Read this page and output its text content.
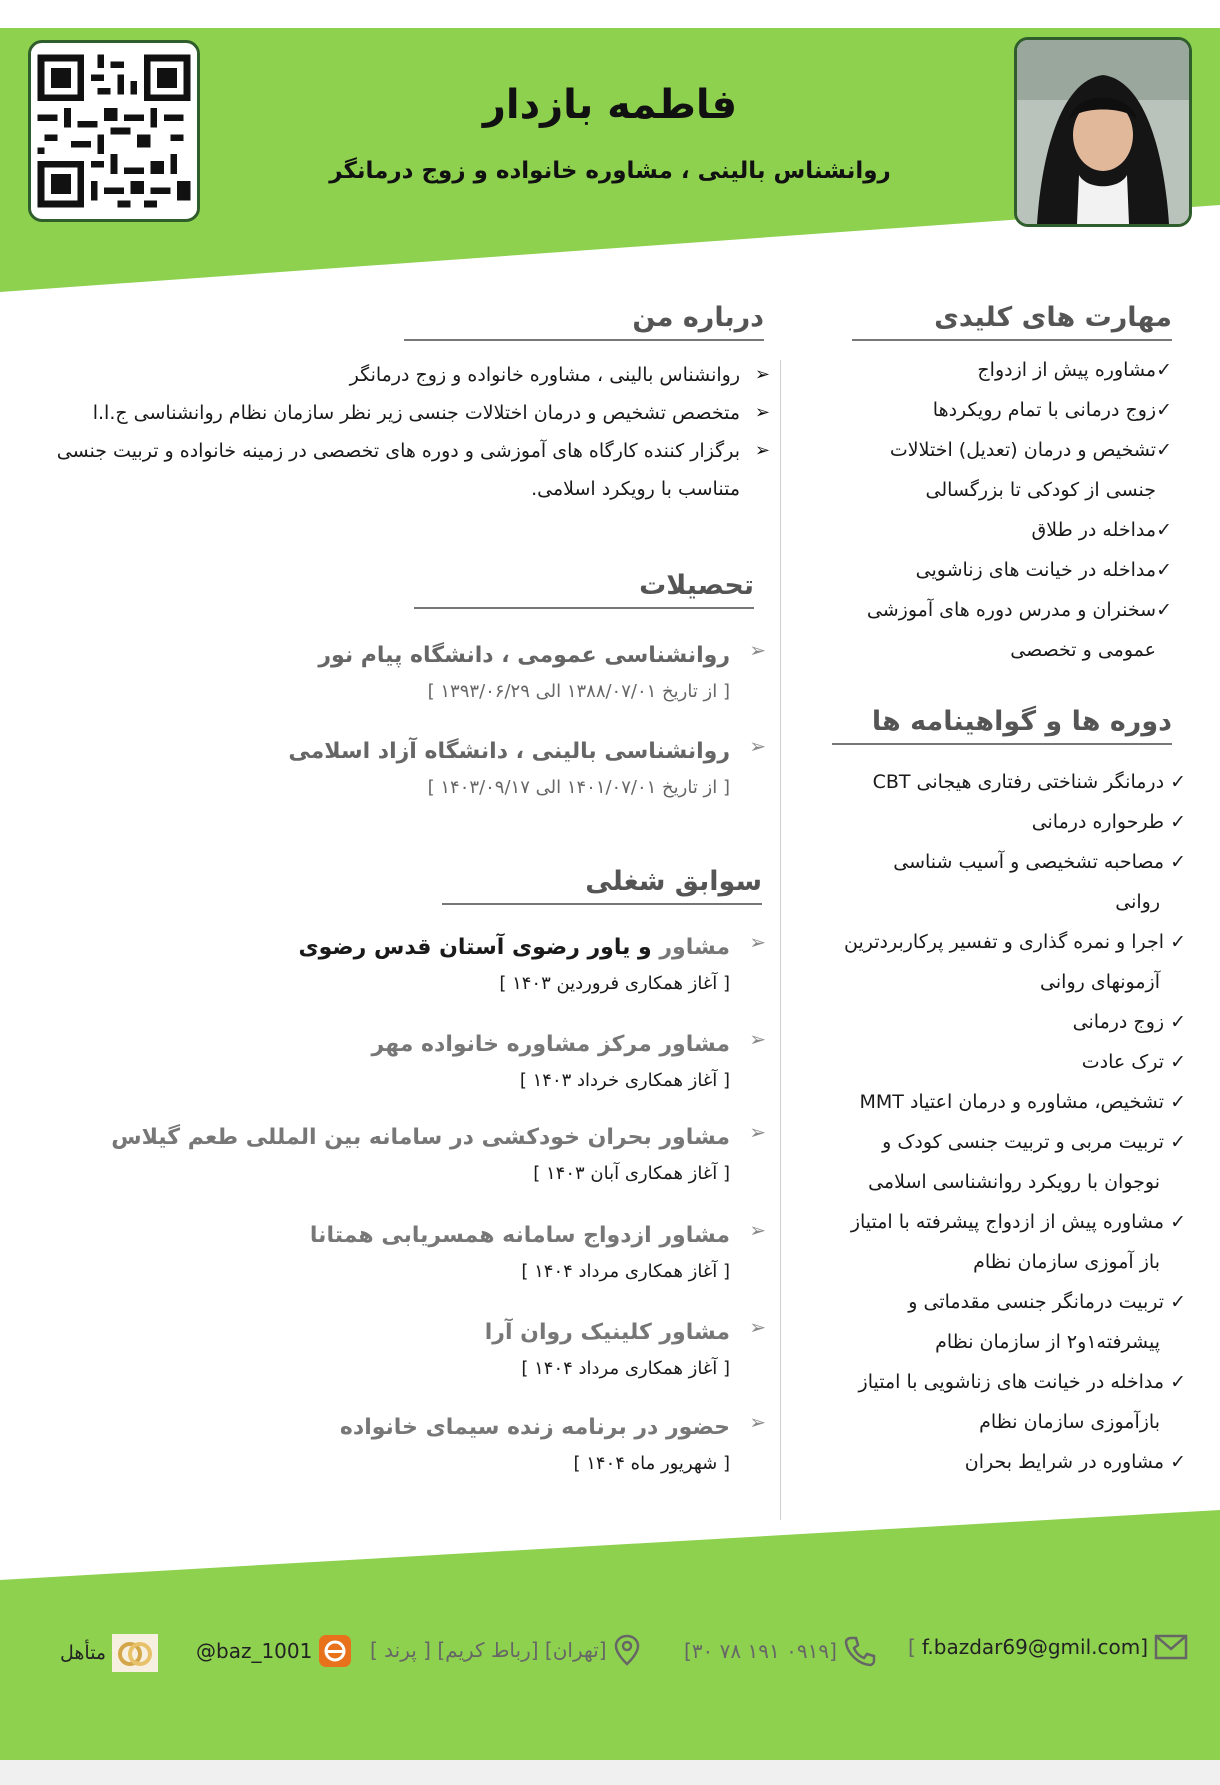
فاطمه بازدار
روانشناس بالینی ، مشاوره خانواده و زوج درمانگر
مهارت های کلیدی
✓مشاوره پیش از ازدواج
✓زوج درمانی با تمام رویکردها
✓تشخیص و درمان (تعدیل) اختلالات
جنسی از کودکی تا بزرگسالی
✓مداخله در طلاق
✓مداخله در خیانت های زناشویی
✓سخنران و مدرس دوره های آموزشی
عمومی و تخصصی
دوره ها و گواهینامه ها
✓ درمانگر شناختی رفتاری هیجانی CBT
✓ طرحواره درمانی
✓ مصاحبه تشخیصی و آسیب شناسی
روانی
✓ اجرا و نمره گذاری و تفسیر پرکاربردترین
آزمونهای روانی
✓ زوج درمانی
✓ ترک عادت
✓ تشخیص، مشاوره و درمان اعتیاد MMT
✓ تربیت مربی و تربیت جنسی کودک و
نوجوان با رویکرد روانشناسی اسلامی
✓ مشاوره پیش از ازدواج پیشرفته با امتیاز
باز آموزی سازمان نظام
✓ تربیت درمانگر جنسی مقدماتی و
پیشرفته۱و۲ از سازمان نظام
✓ مداخله در خیانت های زناشویی با امتیاز
بازآموزی سازمان نظام
✓ مشاوره در شرایط بحران
درباره من
➢
روانشناس بالینی ، مشاوره خانواده و زوج درمانگر
➢
متخصص تشخیص و درمان اختلالات جنسی زیر نظر سازمان نظام روانشناسی ج.ا.ا
➢
برگزار کننده کارگاه های آموزشی و دوره های تخصصی در زمینه خانواده و تربیت جنسی متناسب با رویکرد اسلامی.
تحصیلات
➢
روانشناسی عمومی ، دانشگاه پیام نور
[ از تاریخ ۱۳۸۸/۰۷/۰۱ الی ۱۳۹۳/۰۶/۲۹ ]
➢
روانشناسی بالینی ، دانشگاه آزاد اسلامی
[ از تاریخ ۱۴۰۱/۰۷/۰۱ الی ۱۴۰۳/۰۹/۱۷ ]
سوابق شغلی
➢
مشاور و یاور رضوی آستان قدس رضوی
[ آغاز همکاری فروردین ۱۴۰۳ ]
➢
مشاور مرکز مشاوره خانواده مهر
[ آغاز همکاری خرداد ۱۴۰۳ ]
➢
مشاور بحران خودکشی در سامانه بین المللی طعم گیلاس
[ آغاز همکاری آبان ۱۴۰۳ ]
➢
مشاور ازدواج سامانه همسریابی همتانا
[ آغاز همکاری مرداد ۱۴۰۴ ]
➢
مشاور کلینیک روان آرا
[ آغاز همکاری مرداد ۱۴۰۴ ]
➢
حضور در برنامه زنده سیمای خانواده
[ شهریور ماه ۱۴۰۴ ]
متأهل	@baz_1001	[تهران] [رباط کریم] [ پرند ]	[۰۹۱۹ ۱۹۱ ۷۸ ۳۰]	[ f.bazdar69@gmil.com]
